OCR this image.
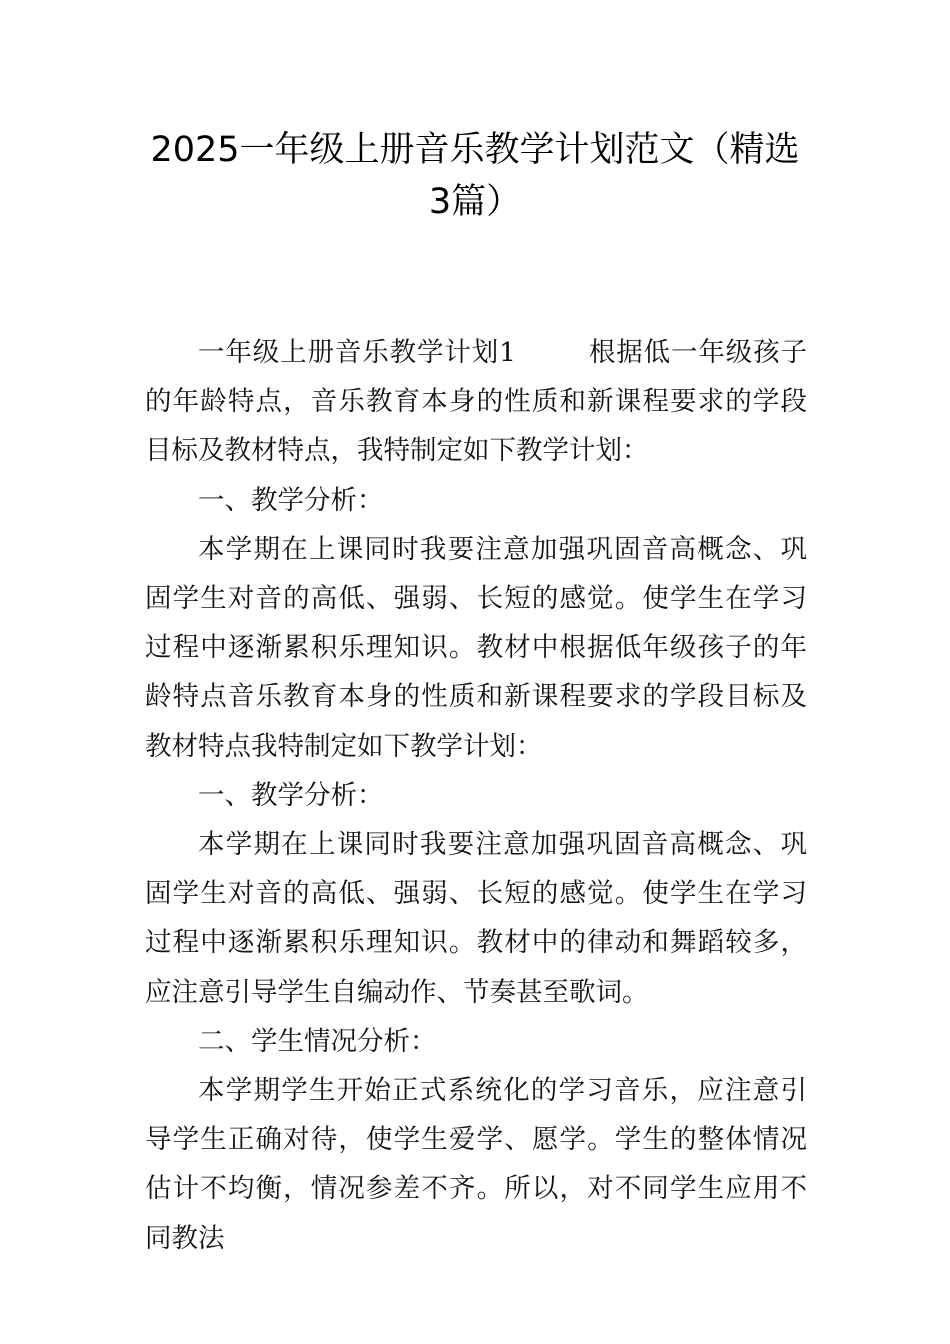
2025一年级上册音乐教学计划范文（精选3篇）

一年级上册音乐教学计划1	根据低一年级孩子的年龄特点，音乐教育本身的性质和新课程要求的学段目标及教材特点，我特制定如下教学计划：

一、教学分析：

本学期在上课同时我要注意加强巩固音高概念、巩固学生对音的高低、强弱、长短的感觉。使学生在学习过程中逐渐累积乐理知识。教材中根据低年级孩子的年龄特点音乐教育本身的性质和新课程要求的学段目标及教材特点我特制定如下教学计划：

一、教学分析：

本学期在上课同时我要注意加强巩固音高概念、巩固学生对音的高低、强弱、长短的感觉。使学生在学习过程中逐渐累积乐理知识。教材中的律动和舞蹈较多，应注意引导学生自编动作、节奏甚至歌词。

二、学生情况分析：

本学期学生开始正式系统化的学习音乐，应注意引导学生正确对待，使学生爱学、愿学。学生的整体情况估计不均衡，情况参差不齐。所以，对不同学生应用不同教法
